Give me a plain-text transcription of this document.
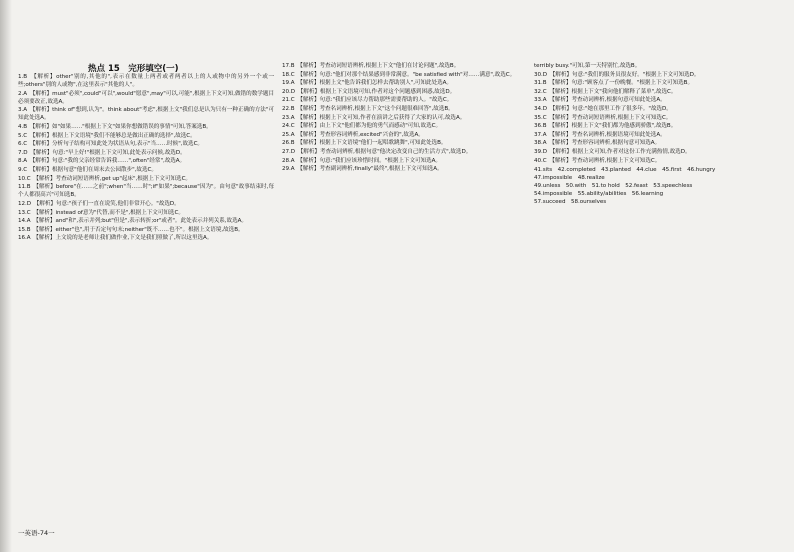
1.B　【解析】other"别的,其他的",表示在数量上两者或者两者以上的人或物中的另外一个或一些;others"别的人或物",在这里表示"其他的人"。

2.A　【解析】must"必须",could"可以",would"愿意",may"可以,可能",根据上下文可知,做错的数学题目必须要改正,故选A。

3.A　【解析】think of"想到,认为"。think about"考虑",根据上文"我们总是认为只有一种正确的方法"可知此处选A。

4.B　【解析】如"如果……"根据上下文"如果你想做错误的事情"可知,答案选B。

5.C　【解析】根据上下文语境"我们不能够总是做出正确的选择",故选C。

6.C　【解析】分析句子结构可知此处为状语从句,表示"当……时候",故选C。

7.D　【解析】句意:"早上好!"根据上下文可知,此处表示问候,故选D。

8.A　【解析】句意:"我的父亲经常告诉我……",often"经常",故选A。

9.C　【解析】根据句意"他们在周末去公园散步",故选C。

10.C　【解析】考查动词短语辨析,get up"起床",根据上下文可知选C。

11.B　【解析】before"在……之前";when"当……时";if"如果";because"因为"。由句意"故事结束时,每个人都很高兴"可知选B。

12.D　【解析】句意:"孩子们一直在说笑,他们非常开心。"故选D。

13.C　【解析】instead of意为"代替,而不是",根据上下文可知选C。

14.A　【解析】and"和",表示并列;but"但是",表示转折;or"或者"。此处表示并列关系,故选A。

15.B　【解析】either"也",用于否定句句末;neither"既不……也不"。根据上文语境,故选B。

16.A　【解析】上文说的是老师让我们做作业,下文是我们照做了,所以这里选A。

热点 15　完形填空(一)	17.B　【解析】考查动词短语辨析,根据上下文"他们在讨论问题",故选B。

18.C　【解析】句意:"他们对那个结果感到非常满意。"be satisfied with"对……满意",故选C。

19.A　【解析】根据上文"他告诉我们怎样去帮助别人",可知此处选A。

20.D　【解析】根据上下文语境可知,作者对这个问题感到困惑,故选D。

21.C　【解析】句意:"我们应该尽力帮助那些需要帮助的人。"故选C。

22.B　【解析】考查名词辨析,根据上下文"这个问题很难回答",故选B。

23.A　【解析】根据上下文可知,作者在演讲之后获得了大家的认可,故选A。

24.C　【解析】由上下文"他们都为他的勇气而感动"可知,故选C。

25.A　【解析】考查形容词辨析,excited"兴奋的",故选A。

26.B　【解析】根据上下文语境"他们一起唱歌跳舞",可知此处选B。

27.D　【解析】考查动词辨析,根据句意"他决定改变自己的生活方式",故选D。

28.A　【解析】句意:"我们应该珍惜时间。"根据上下文可知选A。

29.A　【解析】考查副词辨析,finally"最终",根据上下文可知选A。

terribly busy."可知,第一天特别忙,故选B。

30.D　【解析】句意:"我们的服务员很友好。"根据上下文可知选D。

31.B　【解析】句意:"顾客点了一份晚餐。"根据上下文可知选B。

32.C　【解析】根据上下文"我向他们解释了菜单",故选C。

33.A　【解析】考查动词辨析,根据句意可知此处选A。

34.D　【解析】句意:"她在那里工作了很多年。"故选D。

35.C　【解析】考查动词短语辨析,根据上下文可知选C。

36.B　【解析】根据上下文"我们都为他感到骄傲",故选B。

37.A　【解析】考查名词辨析,根据语境可知此处选A。

38.A　【解析】考查形容词辨析,根据句意可知选A。

39.D　【解析】根据上文可知,作者对这份工作充满热情,故选D。

40.C　【解析】考查动词辨析,根据上下文可知选C。

41.sits　42.completed　43.planted　44.clue　45.first　46.hungry
47.impossible　48.realize
49.unless　50.with　51.to hold　52.feast　53.speechless
54.impossible　55.ability/abilities　56.learning
57.succeed　58.ourselves
一英语-74一
